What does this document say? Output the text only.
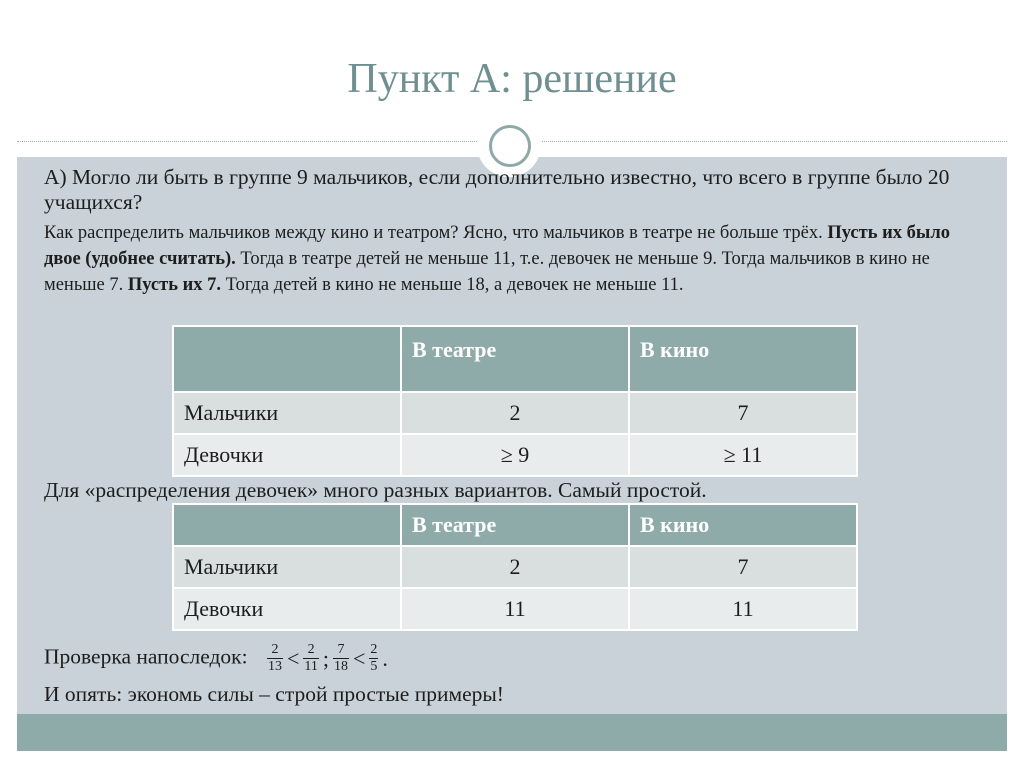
Пункт А: решение
А) Могло ли быть в группе 9 мальчиков, если дополнительно известно, что всего в группе было 20 учащихся?
Как распределить мальчиков между кино и театром? Ясно, что мальчиков в театре не больше трёх. Пусть их было двое (удобнее считать). Тогда в театре детей не меньше 11, т.е. девочек не меньше 9. Тогда мальчиков в кино не меньше 7. Пусть их 7. Тогда детей в кино не меньше 18, а девочек не меньше 11.
	В театре	В кино
Мальчики	2	7
Девочки	≥ 9	≥ 11
Для «распределения девочек» много разных вариантов. Самый простой.
	В театре	В кино
Мальчики	2	7
Девочки	11	11
Проверка напоследок: $\frac{2}{13} < \frac{2}{11}$ ; $\frac{7}{18} < \frac{2}{5}$ .
И опять: экономь силы – строй простые примеры!
